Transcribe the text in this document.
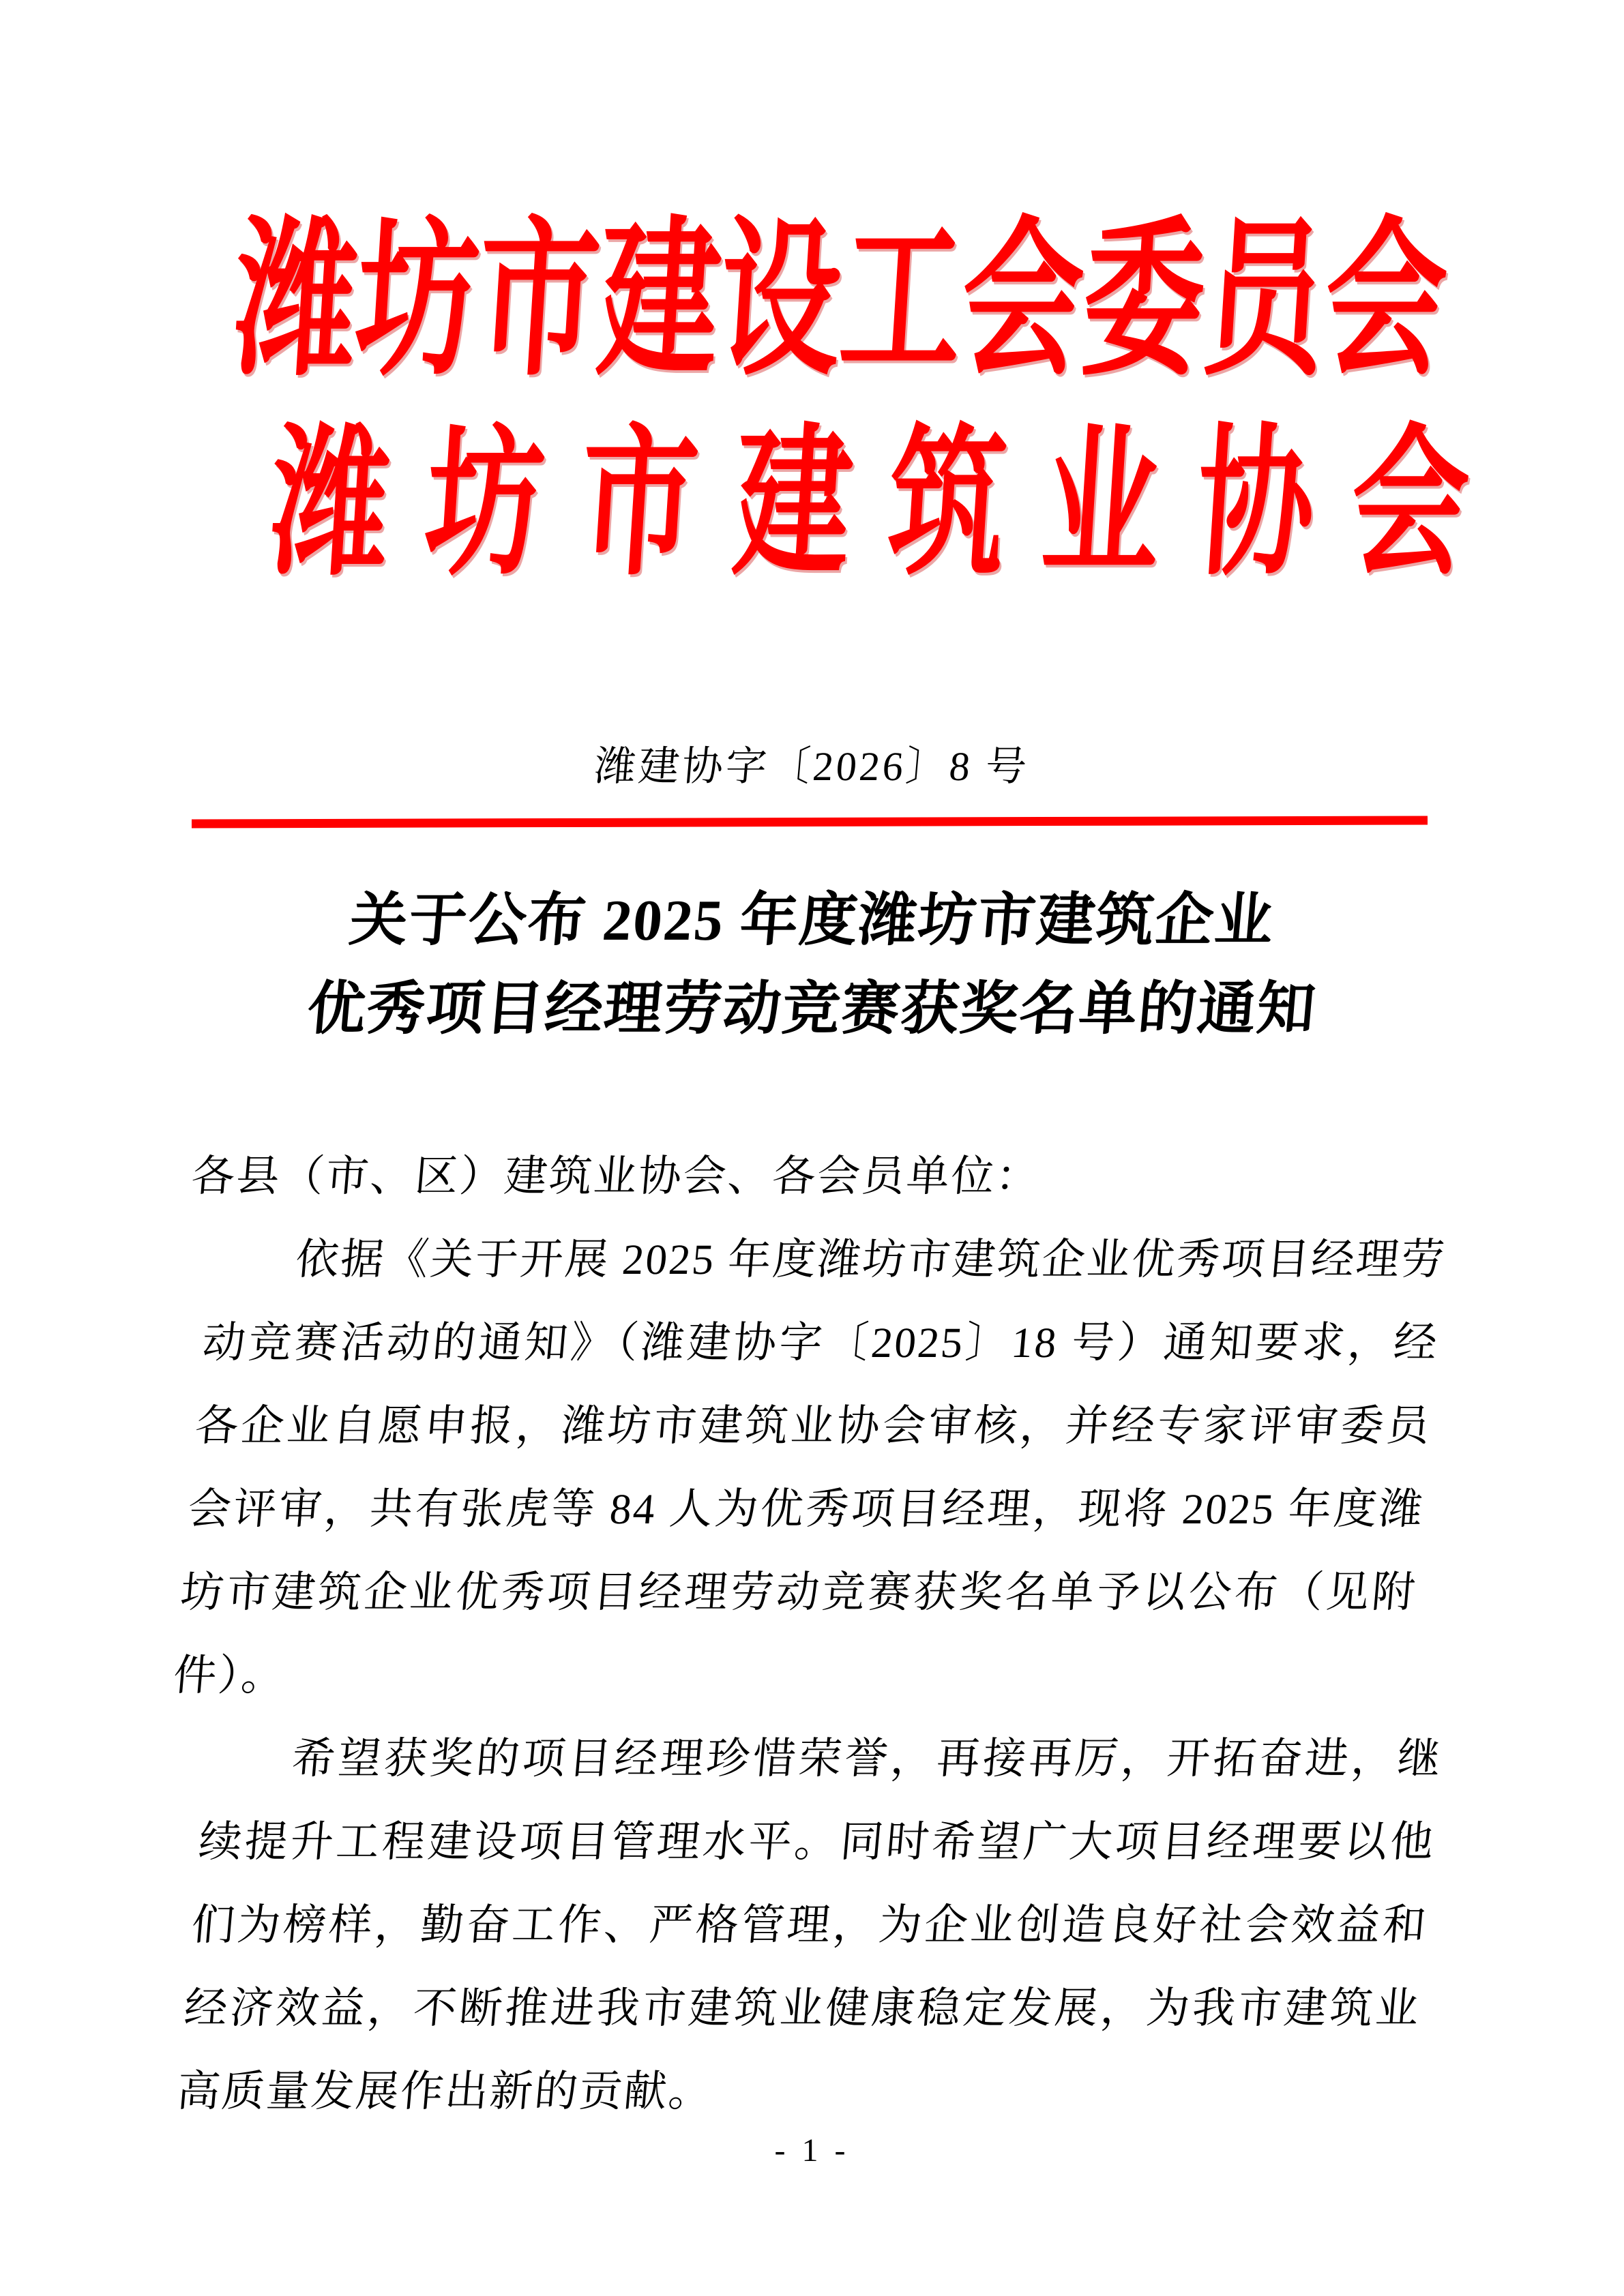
潍坊市建设工会委员会
潍坊市建筑业协会
潍建协字〔2026〕8 号
关于公布 2025 年度潍坊市建筑企业
优秀项目经理劳动竞赛获奖名单的通知

各县（市、区）建筑业协会、各会员单位：

依据《关于开展 2025 年度潍坊市建筑企业优秀项目经理劳动竞赛活动的通知》（潍建协字〔2025〕18 号）通知要求，经各企业自愿申报，潍坊市建筑业协会审核，并经专家评审委员会评审，共有张虎等 84 人为优秀项目经理，现将 2025 年度潍坊市建筑企业优秀项目经理劳动竞赛获奖名单予以公布（见附件）。

希望获奖的项目经理珍惜荣誉，再接再厉，开拓奋进，继续提升工程建设项目管理水平。同时希望广大项目经理要以他们为榜样，勤奋工作、严格管理，为企业创造良好社会效益和经济效益，不断推进我市建筑业健康稳定发展，为我市建筑业高质量发展作出新的贡献。

- 1 -
